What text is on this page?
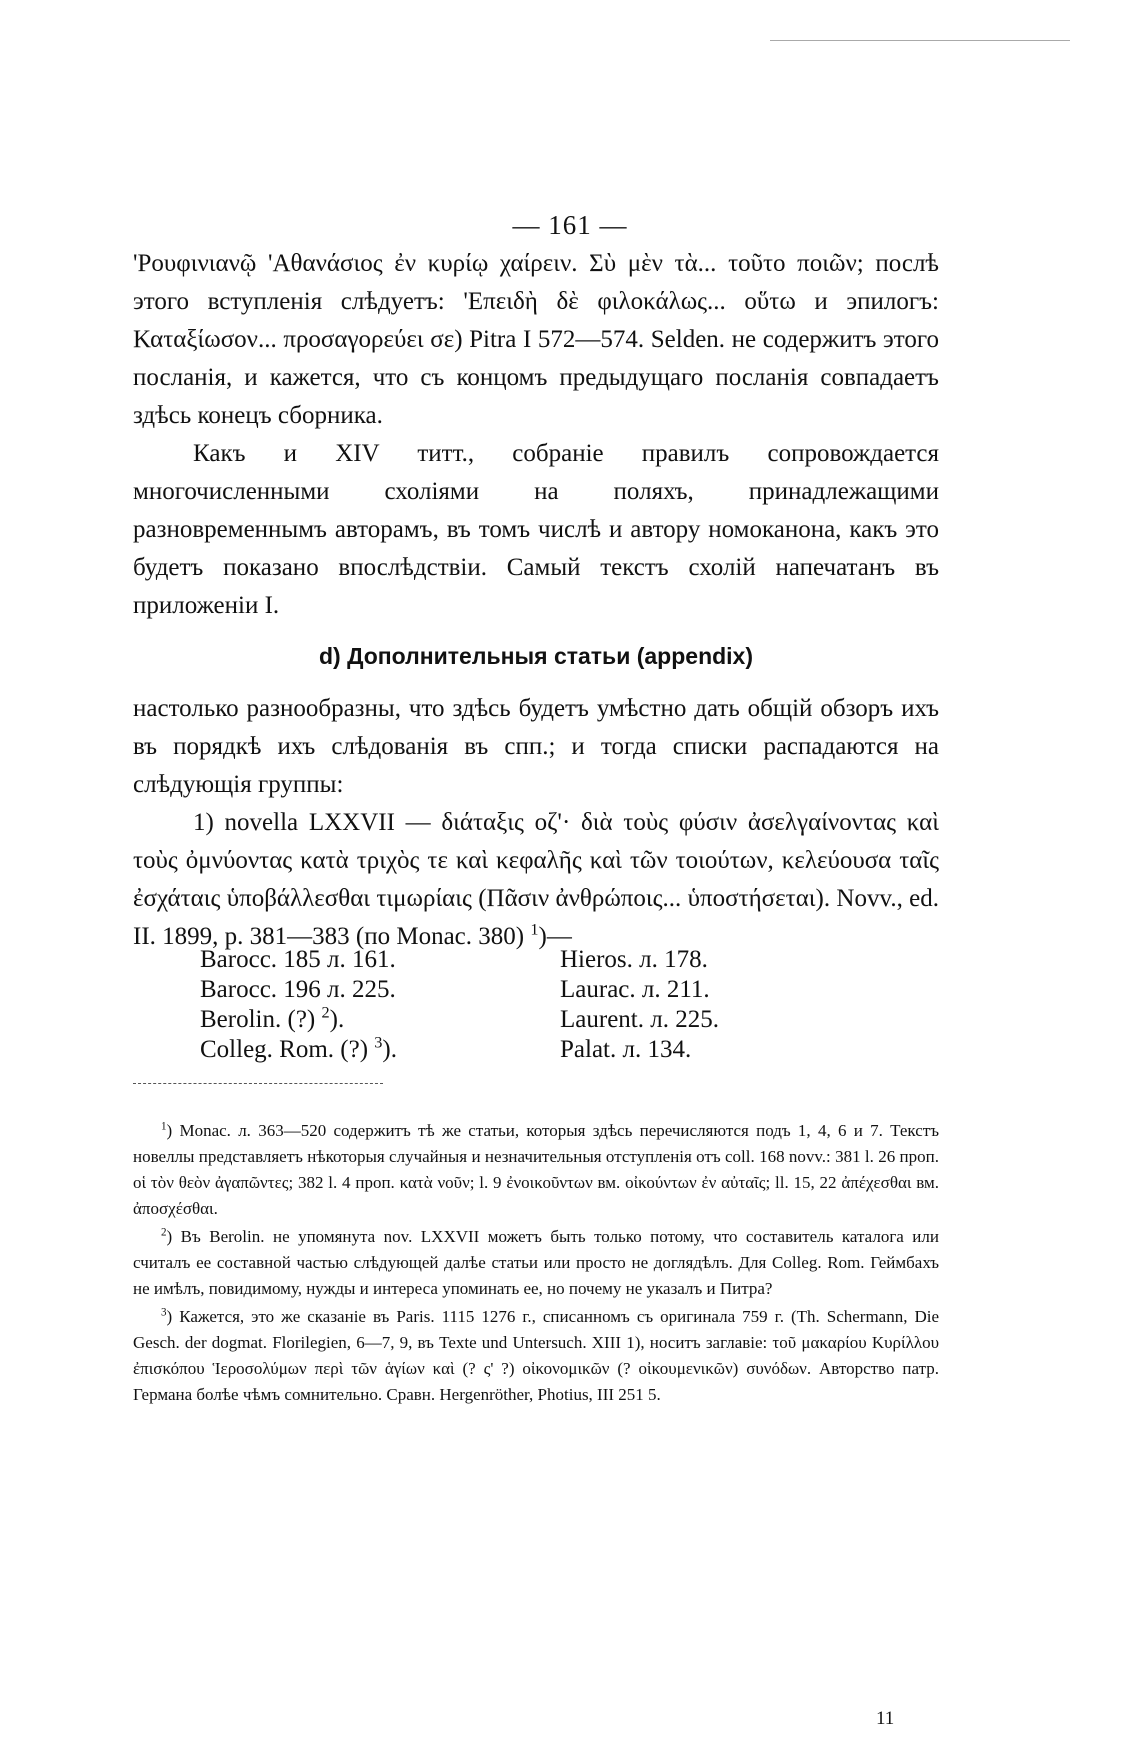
— 161 —

'Ρουφινιανῷ 'Αθανάσιος ἐν κυρίῳ χαίρειν. Σὺ μὲν τὰ... τοῦτο ποιῶν; послѣ этого вступленія слѣдуетъ: 'Επειδὴ δὲ φιλοκάλως... οὕτω и эпилогъ: Καταξίωσον... προσαγορεύει σε) Pitra I 572—574. Selden. не содержитъ этого посланія, и кажется, что съ концомъ предыдущаго посланія совпадаетъ здѣсь конецъ сборника.

Какъ и XIV титт., собраніе правилъ сопровождается многочисленными схоліями на поляхъ, принадлежащими разновременнымъ авторамъ, въ томъ числѣ и автору номоканона, какъ это будетъ показано впослѣдствіи. Самый текстъ схолій напечатанъ въ приложеніи I.

d) Дополнительныя статьи (appendix)

настолько разнообразны, что здѣсь будетъ умѣстно дать общій обзоръ ихъ въ порядкѣ ихъ слѣдованія въ спп.; и тогда списки распадаются на слѣдующія группы:

1) novella LXXVII — διάταξις οζ'· διὰ τοὺς φύσιν ἀσελγαίνοντας καὶ τοὺς ὀμνύοντας κατὰ τριχὸς τε καὶ κεφαλῆς καὶ τῶν τοιούτων, κελεύουσα ταῖς ἐσχάταις ὑποβάλλεσθαι τιμωρίαις (Πᾶσιν ἀνθρώποις... ὑποστήσεται). Novv., ed. II. 1899, p. 381—383 (по Monac. 380) $^1$)—

Barocc. 185 л. 161.
Barocc. 196 л. 225.
Berolin. (?) $^2$).
Colleg. Rom. (?) $^3$).
Hieros. л. 178.
Laurac. л. 211.
Laurent. л. 225.
Palat. л. 134.

$^1$) Monac. л. 363—520 содержитъ тѣ же статьи, которыя здѣсь перечисляются подъ 1, 4, 6 и 7. Текстъ новеллы представляетъ нѣкоторыя случайныя и незначительныя отступленія отъ coll. 168 novv.: 381 l. 26 проп. οἱ τὸν θεὸν ἀγαπῶντες; 382 l. 4 проп. κατὰ νοῦν; l. 9 ἐνοικοῦντων вм. οἰκούντων ἐν αὐταῖς; ll. 15, 22 ἀπέχεσθαι вм. ἀποσχέσθαι.

$^2$) Въ Berolin. не упомянута nov. LXXVII можетъ быть только потому, что составитель каталога или считалъ ее составной частью слѣдующей далѣе статьи или просто не доглядѣлъ. Для Colleg. Rom. Геймбахъ не имѣлъ, повидимому, нужды и интереса упоминать ее, но почему не указалъ и Питра?

$^3$) Кажется, это же сказаніе въ Paris. 1115 1276 г., списанномъ съ оригинала 759 г. (Th. Schermann, Die Gesch. der dogmat. Florilegien, 6—7, 9, въ Texte und Untersuch. XIII 1), носитъ заглавіе: τοῦ μακαρίου Κυρίλλου ἐπισκόπου Ἱεροσολύμων περὶ τῶν ἁγίων καὶ (? ς' ?) οἰκονομικῶν (? οἰκουμενικῶν) συνόδων. Авторство патр. Германа болѣе чѣмъ сомнительно. Сравн. Hergenröther, Photius, III 251 5.

11
